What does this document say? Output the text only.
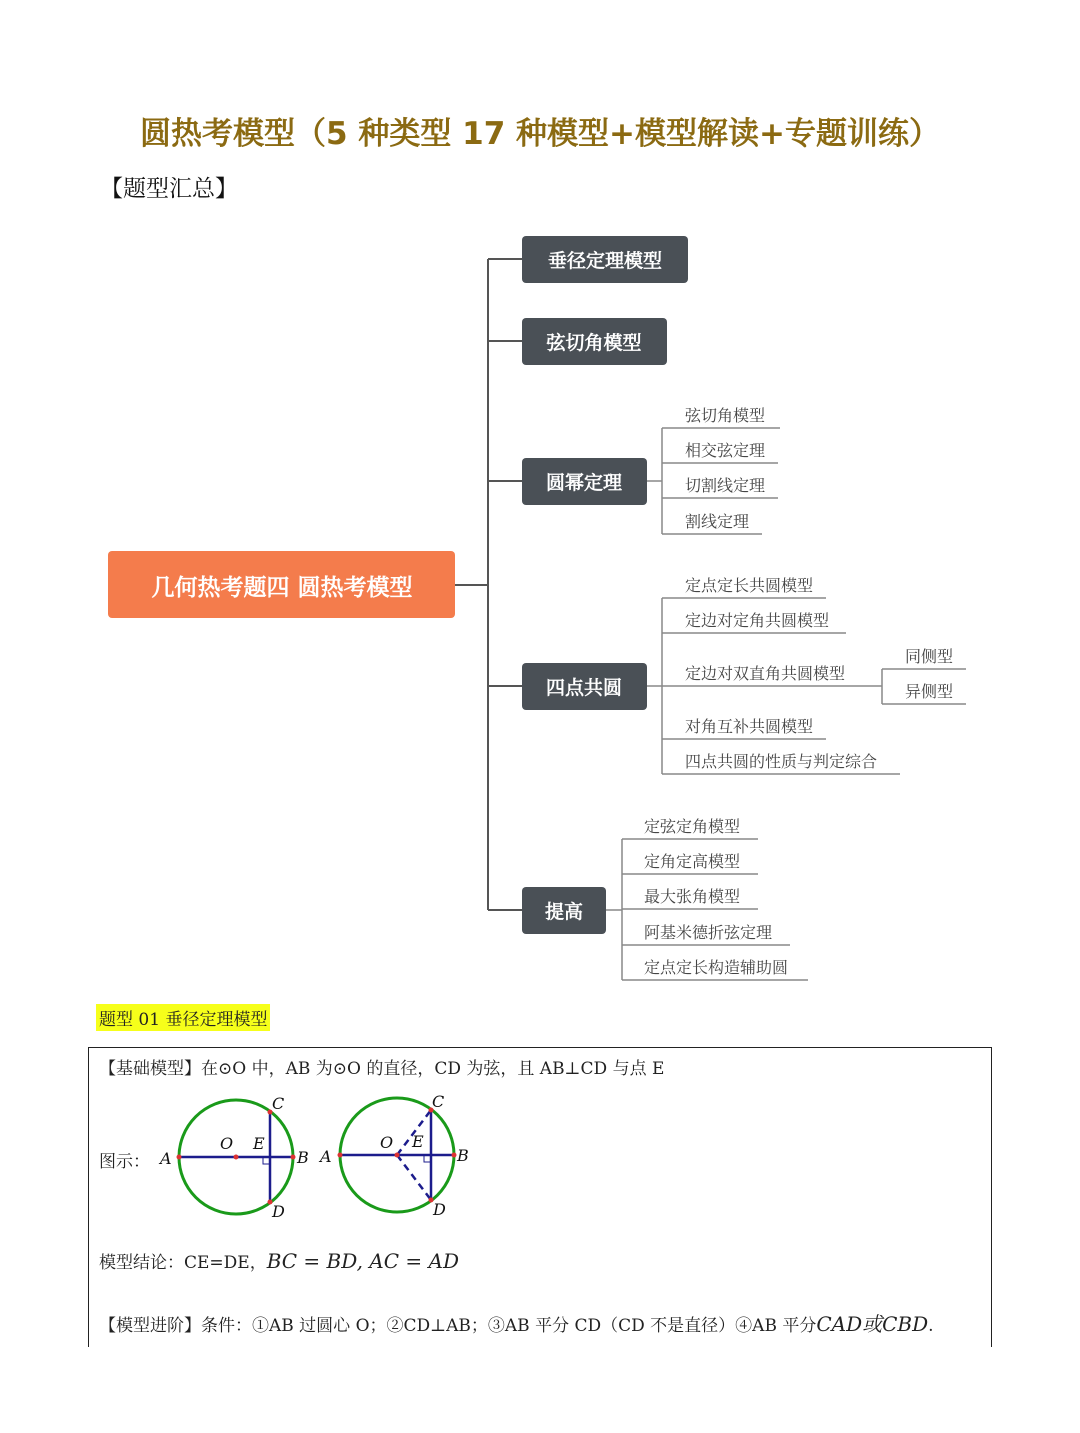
圆热考模型（5 种类型 17 种模型+模型解读+专题训练）
【题型汇总】
几何热考题四 圆热考模型
垂径定理模型
弦切角模型
圆幂定理
四点共圆
提高
弦切角模型
相交弦定理
切割线定理
割线定理
定点定长共圆模型
定边对定角共圆模型
定边对双直角共圆模型
对角互补共圆模型
四点共圆的性质与判定综合
同侧型
异侧型
定弦定角模型
定角定高模型
最大张角模型
阿基米德折弦定理
定点定长构造辅助圆
题型 01 垂径定理模型
【基础模型】在⊙O 中，AB 为⊙O 的直径，CD 为弦，且 AB⊥CD 与点 E
图示：
模型结论：CE=DE，BC = BD, AC = AD
【模型进阶】条件：①AB 过圆心 O；②CD⊥AB；③AB 平分 CD（CD 不是直径）④AB 平分CAD或CBD.
A
O E
B
C
D
A
O E
B
C
D
